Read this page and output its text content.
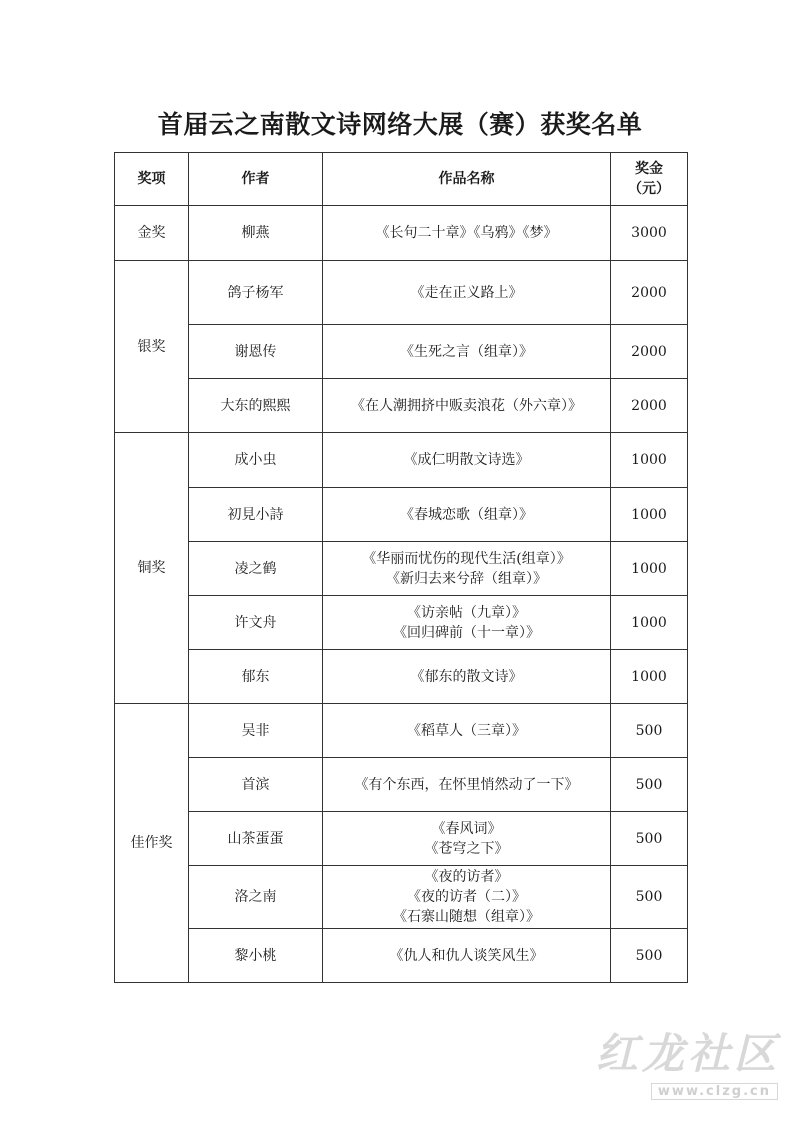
首届云之南散文诗网络大展（赛）获奖名单
奖项	作者	作品名称	奖金
（元）

金奖	柳燕	《长句二十章》《乌鸦》《梦》	3000
银奖	鸽子杨军	《走在正义路上》	2000
	谢恩传	《生死之言（组章）》	2000
	大东的熙熙	《在人潮拥挤中贩卖浪花（外六章）》	2000
铜奖	成小虫	《成仁明散文诗选》	1000
	初見小詩	《春城恋歌（组章）》	1000
	凌之鹤	《华丽而忧伤的现代生活(组章）》
《新归去来兮辞（组章）》	1000
	许文舟	《访亲帖（九章）》
《回归碑前（十一章）》	1000
	郁东	《郁东的散文诗》	1000
佳作奖	吴非	《稻草人（三章）》	500
	首滨	《有个东西，在怀里悄然动了一下》	500
	山茶蛋蛋	《春风词》
《苍穹之下》	500
	洛之南	《夜的访者》
《夜的访者（二）》
《石寨山随想（组章）》	500
	黎小桃	《仇人和仇人谈笑风生》	500
红龙社区
www.clzg.cn
